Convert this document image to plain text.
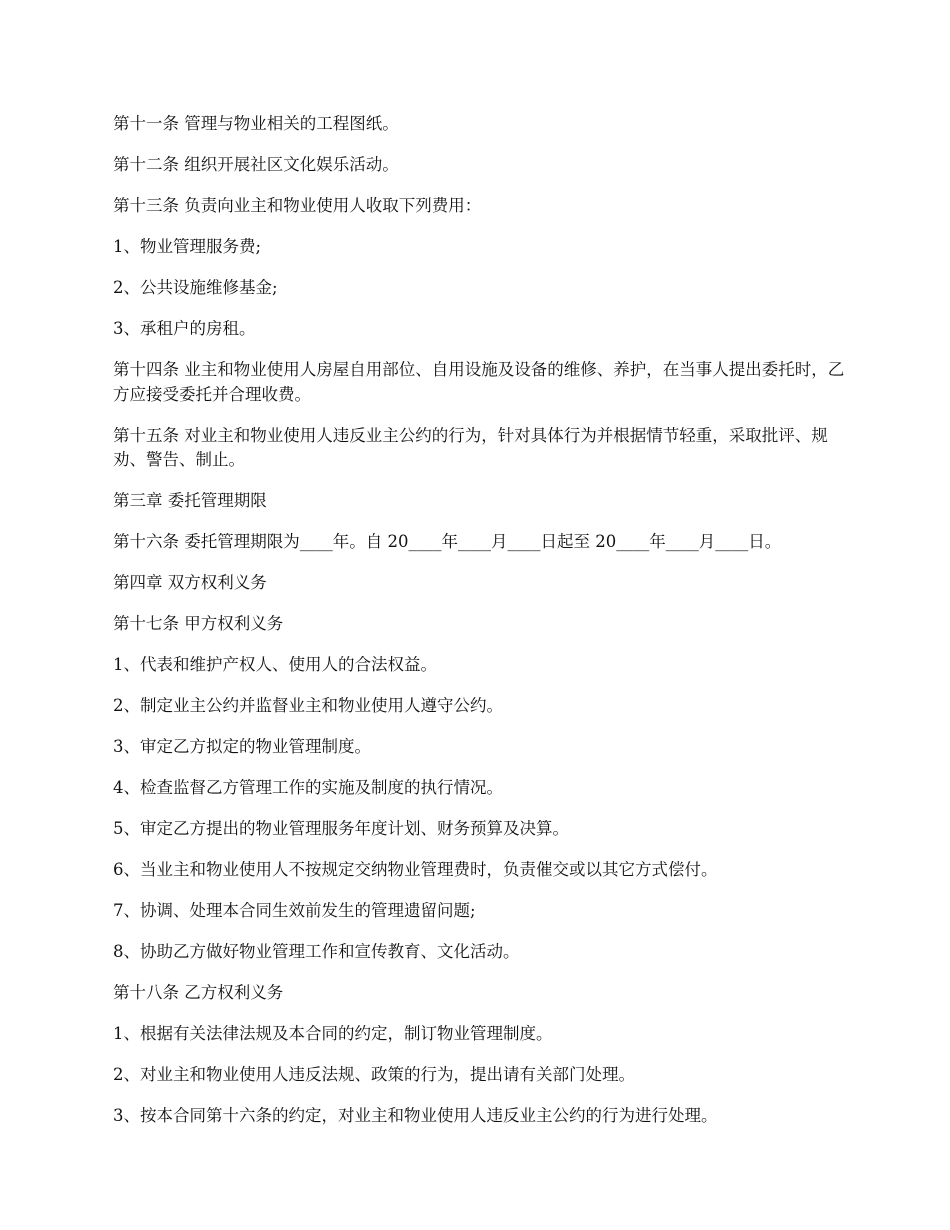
第十一条 管理与物业相关的工程图纸。

第十二条 组织开展社区文化娱乐活动。

第十三条 负责向业主和物业使用人收取下列费用：

1、物业管理服务费;

2、公共设施维修基金;

3、承租户的房租。

第十四条 业主和物业使用人房屋自用部位、自用设施及设备的维修、养护，在当事人提出委托时，乙方应接受委托并合理收费。

第十五条 对业主和物业使用人违反业主公约的行为，针对具体行为并根据情节轻重，采取批评、规劝、警告、制止。

第三章 委托管理期限

第十六条 委托管理期限为____年。自 20____年____月____日起至 20____年____月____日。

第四章 双方权利义务

第十七条 甲方权利义务

1、代表和维护产权人、使用人的合法权益。

2、制定业主公约并监督业主和物业使用人遵守公约。

3、审定乙方拟定的物业管理制度。

4、检查监督乙方管理工作的实施及制度的执行情况。

5、审定乙方提出的物业管理服务年度计划、财务预算及决算。

6、当业主和物业使用人不按规定交纳物业管理费时，负责催交或以其它方式偿付。

7、协调、处理本合同生效前发生的管理遗留问题;

8、协助乙方做好物业管理工作和宣传教育、文化活动。

第十八条 乙方权利义务

1、根据有关法律法规及本合同的约定，制订物业管理制度。

2、对业主和物业使用人违反法规、政策的行为，提出请有关部门处理。

3、按本合同第十六条的约定，对业主和物业使用人违反业主公约的行为进行处理。
